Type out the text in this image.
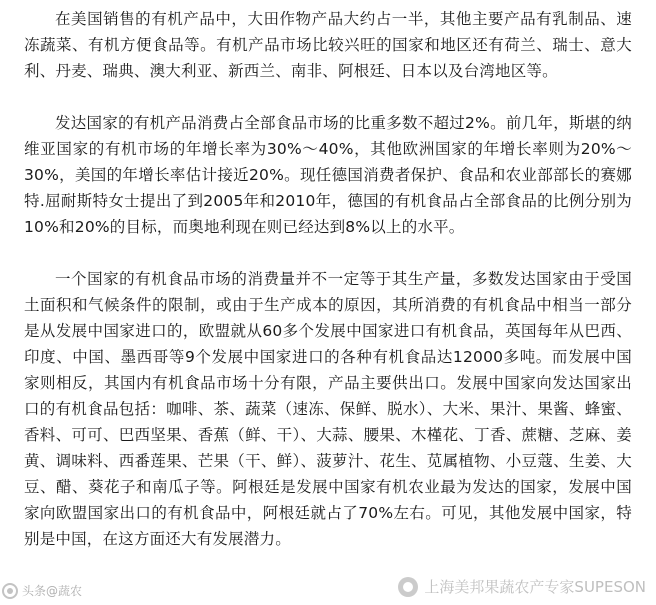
在美国销售的有机产品中，大田作物产品大约占一半，其他主要产品有乳制品、速冻蔬菜、有机方便食品等。有机产品市场比较兴旺的国家和地区还有荷兰、瑞士、意大利、丹麦、瑞典、澳大利亚、新西兰、南非、阿根廷、日本以及台湾地区等。

发达国家的有机产品消费占全部食品市场的比重多数不超过2%。前几年，斯堪的纳维亚国家的有机市场的年增长率为30%～40%，其他欧洲国家的年增长率则为20%～30%，美国的年增长率估计接近20%。现任德国消费者保护、食品和农业部部长的赛娜特.屈耐斯特女士提出了到2005年和2010年，德国的有机食品占全部食品的比例分别为10%和20%的目标，而奥地利现在则已经达到8%以上的水平。

一个国家的有机食品市场的消费量并不一定等于其生产量，多数发达国家由于受国土面积和气候条件的限制，或由于生产成本的原因，其所消费的有机食品中相当一部分是从发展中国家进口的，欧盟就从60多个发展中国家进口有机食品，英国每年从巴西、印度、中国、墨西哥等9个发展中国家进口的各种有机食品达12000多吨。而发展中国家则相反，其国内有机食品市场十分有限，产品主要供出口。发展中国家向发达国家出口的有机食品包括：咖啡、茶、蔬菜（速冻、保鲜、脱水）、大米、果汁、果酱、蜂蜜、香料、可可、巴西坚果、香蕉（鲜、干）、大蒜、腰果、木槿花、丁香、蔗糖、芝麻、姜黄、调味料、西番莲果、芒果（干、鲜）、菠萝汁、花生、苋属植物、小豆蔻、生姜、大豆、醋、葵花子和南瓜子等。阿根廷是发展中国家有机农业最为发达的国家，发展中国家向欧盟国家出口的有机食品中，阿根廷就占了70%左右。可见，其他发展中国家，特别是中国，在这方面还大有发展潜力。

头条@蔬农	上海美邦果蔬农产专家SUPESON
